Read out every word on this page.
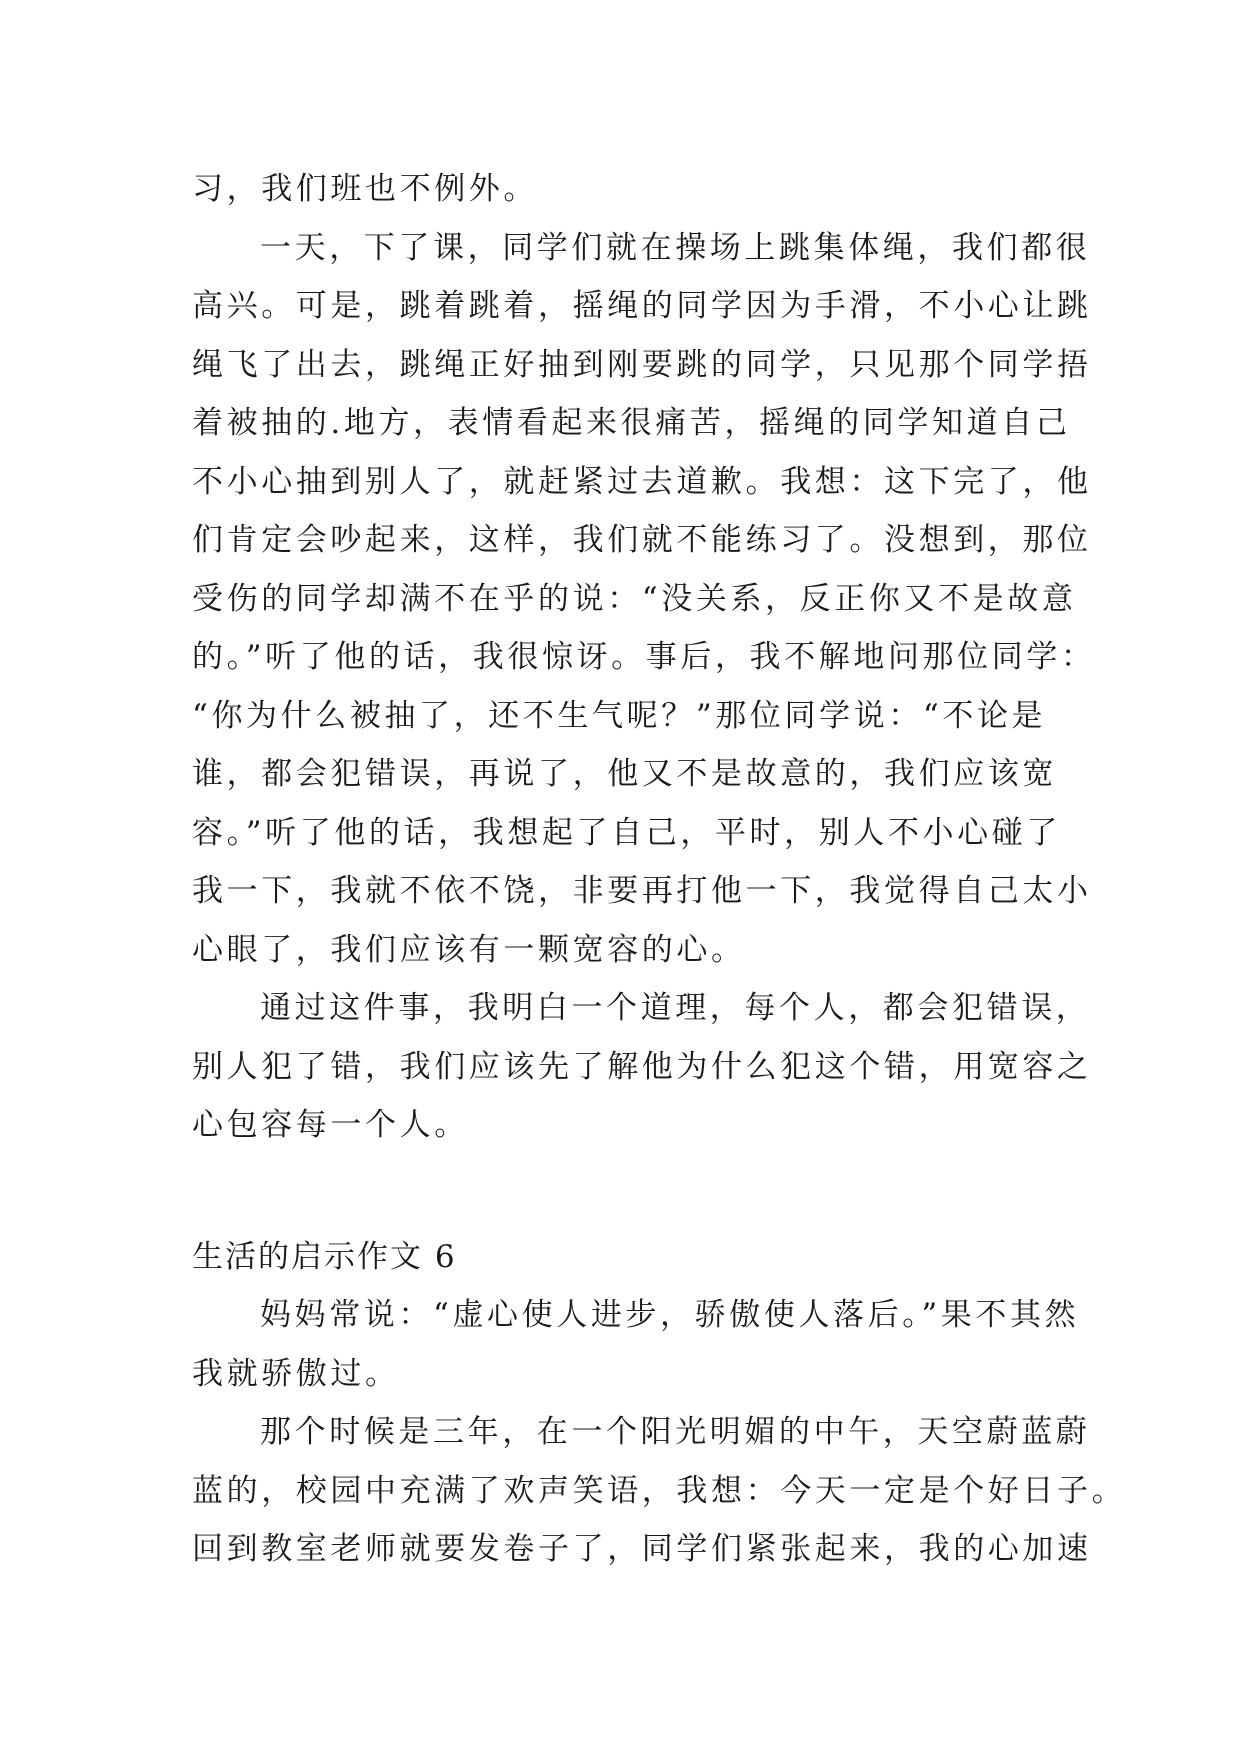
习，我们班也不例外。
一天，下了课，同学们就在操场上跳集体绳，我们都很
高兴。可是，跳着跳着，摇绳的同学因为手滑，不小心让跳
绳飞了出去，跳绳正好抽到刚要跳的同学，只见那个同学捂
着被抽的.地方，表情看起来很痛苦，摇绳的同学知道自己
不小心抽到别人了，就赶紧过去道歉。我想：这下完了，他
们肯定会吵起来，这样，我们就不能练习了。没想到，那位
受伤的同学却满不在乎的说：“没关系，反正你又不是故意
的。”听了他的话，我很惊讶。事后，我不解地问那位同学：
“你为什么被抽了，还不生气呢？”那位同学说：“不论是
谁，都会犯错误，再说了，他又不是故意的，我们应该宽
容。”听了他的话，我想起了自己，平时，别人不小心碰了
我一下，我就不依不饶，非要再打他一下，我觉得自己太小
心眼了，我们应该有一颗宽容的心。
通过这件事，我明白一个道理，每个人，都会犯错误，
别人犯了错，我们应该先了解他为什么犯这个错，用宽容之
心包容每一个人。
生活的启示作文 6
妈妈常说：“虚心使人进步，骄傲使人落后。”果不其然
我就骄傲过。
那个时候是三年，在一个阳光明媚的中午，天空蔚蓝蔚
蓝的，校园中充满了欢声笑语，我想：今天一定是个好日子。
回到教室老师就要发卷子了，同学们紧张起来，我的心加速
